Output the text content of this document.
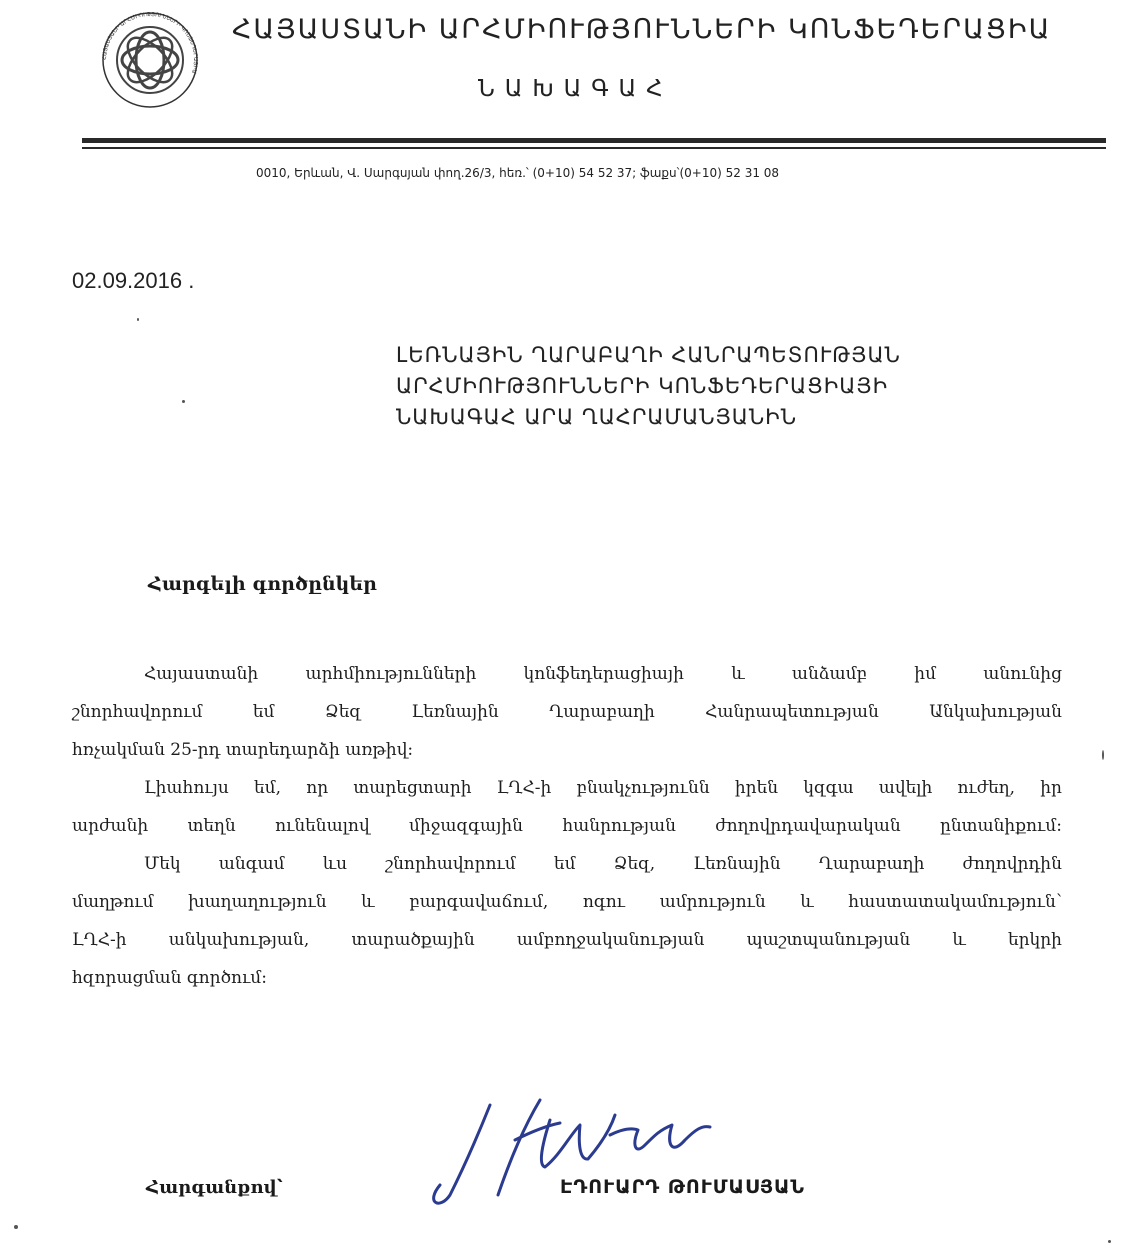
ՀԱՅԱՍՏԱՆԻ ԱՐՀՄԻՈՒԹՅՈՒՆՆԵՐԻ ԿՈՆՖԵԴԵՐԱՑԻԱ
ՀԱՅԱՍՏԱՆԻ ԱՐՀՄԻՈՒԹՅՈՒՆՆԵՐԻ ԿՈՆՖԵԴԵՐԱՑԻԱ
ՆԱԽԱԳԱՀ
0010, Երևան, Վ. Սարգսյան փող.26/3, հեռ.՝ (0+10) 54 52 37; ֆաքս՝(0+10) 52 31 08
02.09.2016 .
ԼԵՌՆԱՅԻՆ ՂԱՐԱԲԱՂԻ ՀԱՆՐԱՊԵՏՈՒԹՅԱՆ
ԱՐՀՄԻՈՒԹՅՈՒՆՆԵՐԻ ԿՈՆՖԵԴԵՐԱՑԻԱՅԻ
ՆԱԽԱԳԱՀ ԱՐԱ ՂԱՀՐԱՄԱՆՅԱՆԻՆ
Հարգելի գործընկեր
Հայաստանի	արհմիությունների	կոնֆեդերացիայի	և	անձամբ	իմ	անունից
շնորհավորում	եմ	Ձեզ	Լեռնային	Ղարաբաղի	Հանրապետության	Անկախության
հռչակման 25-րդ տարեդարձի առթիվ:
Լիահույս եմ, որ տարեցտարի ԼՂՀ-ի բնակչությունն իրեն կզգա ավելի ուժեղ, իր
արժանի տեղն ունենալով միջազգային հանրության ժողովրդավարական ընտանիքում:
Մեկ անգամ ևս շնորհավորում եմ Ձեզ, Լեռնային Ղարաբաղի ժողովրդին
մաղթում խաղաղություն և բարգավաճում, ոգու ամրություն և հաստատակամություն՝
ԼՂՀ-ի անկախության, տարածքային ամբողջականության պաշտպանության և երկրի
հզորացման գործում:
Հարգանքով՝	ԷԴՈՒԱՐԴ ԹՈՒՄԱՍՅԱՆ
